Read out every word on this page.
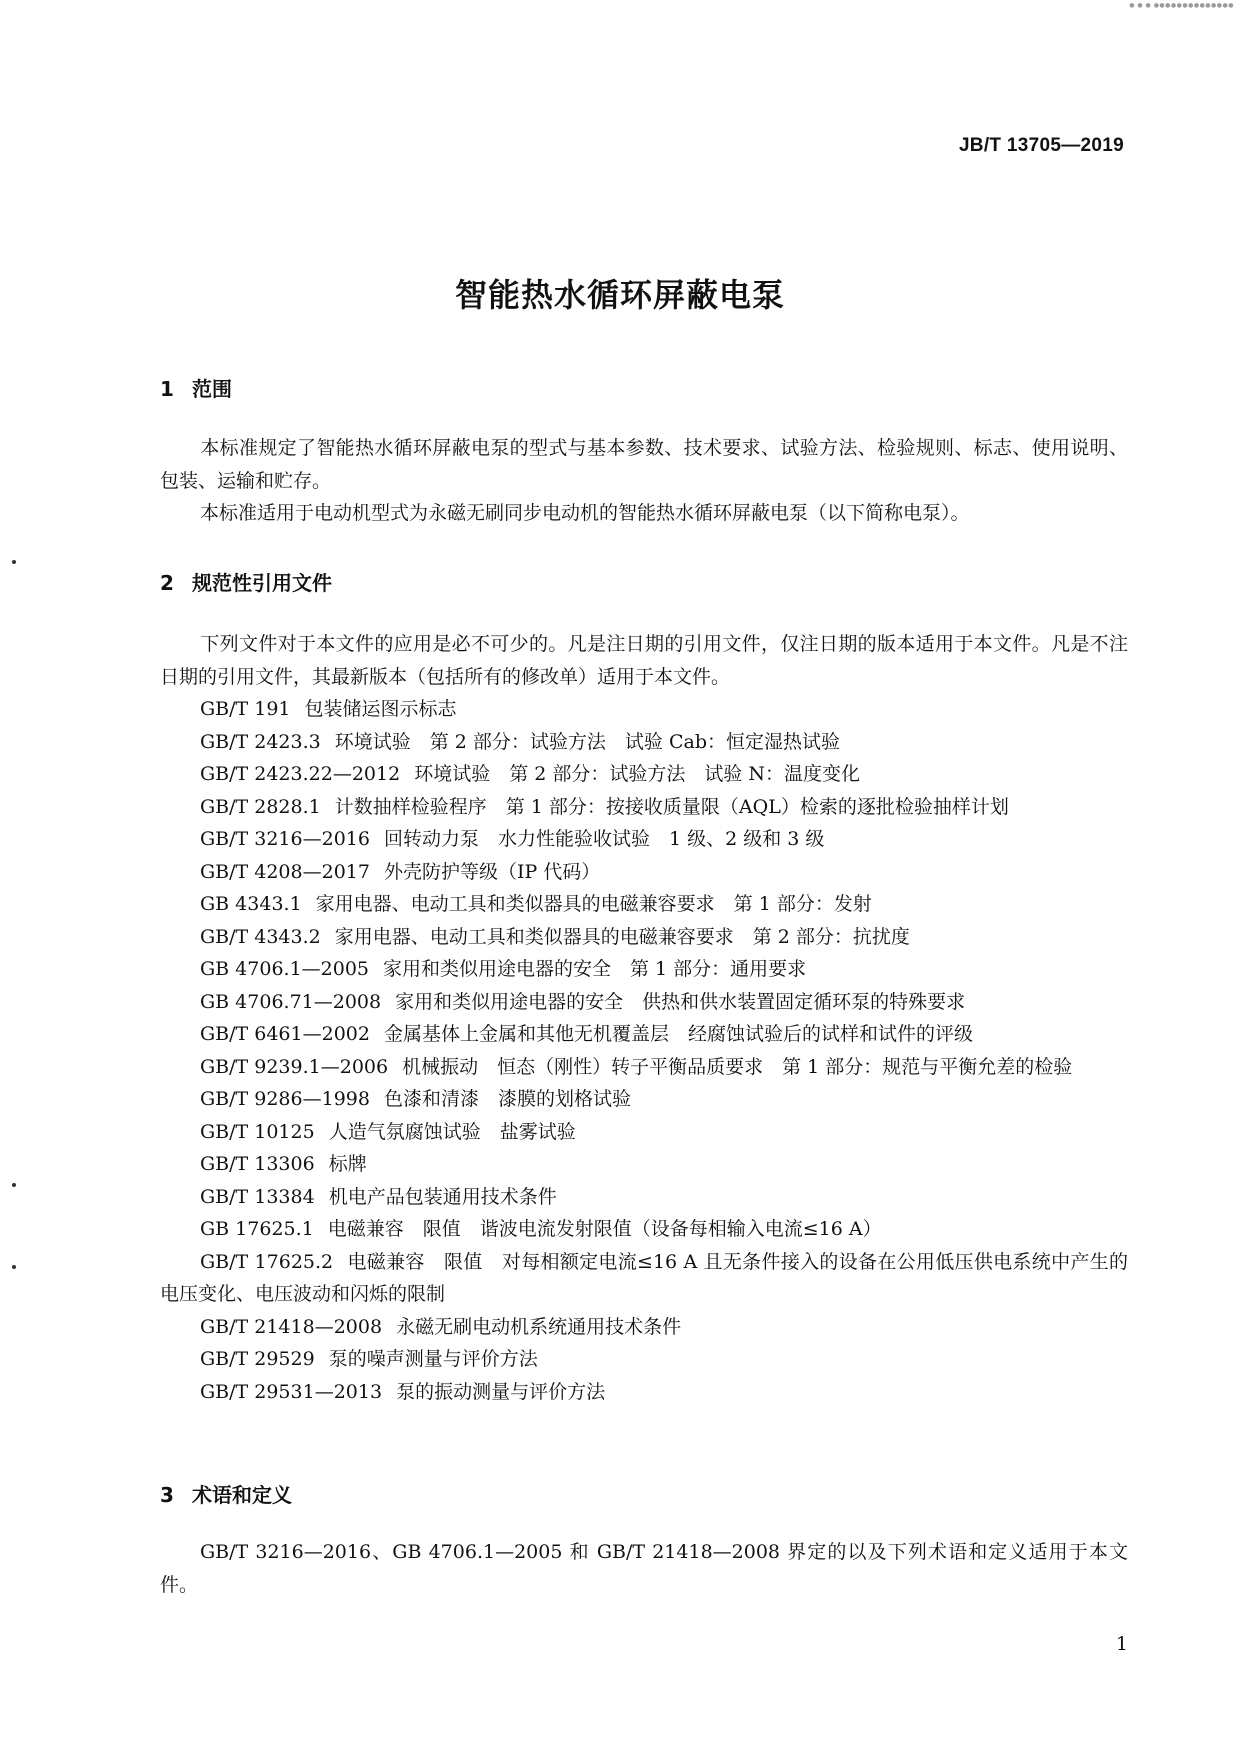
● ● ● ●●●●●●●●●●●●●●
JB/T 13705—2019
智能热水循环屏蔽电泵
1 范围
本标准规定了智能热水循环屏蔽电泵的型式与基本参数、技术要求、试验方法、检验规则、标志、使用说明、包装、运输和贮存。
本标准适用于电动机型式为永磁无刷同步电动机的智能热水循环屏蔽电泵（以下简称电泵）。
2 规范性引用文件
下列文件对于本文件的应用是必不可少的。凡是注日期的引用文件，仅注日期的版本适用于本文件。凡是不注日期的引用文件，其最新版本（包括所有的修改单）适用于本文件。
GB/T 191 包装储运图示标志
GB/T 2423.3 环境试验　第 2 部分：试验方法　试验 Cab：恒定湿热试验
GB/T 2423.22—2012 环境试验　第 2 部分：试验方法　试验 N：温度变化
GB/T 2828.1 计数抽样检验程序　第 1 部分：按接收质量限（AQL）检索的逐批检验抽样计划
GB/T 3216—2016 回转动力泵　水力性能验收试验　1 级、2 级和 3 级
GB/T 4208—2017 外壳防护等级（IP 代码）
GB 4343.1 家用电器、电动工具和类似器具的电磁兼容要求　第 1 部分：发射
GB/T 4343.2 家用电器、电动工具和类似器具的电磁兼容要求　第 2 部分：抗扰度
GB 4706.1—2005 家用和类似用途电器的安全　第 1 部分：通用要求
GB 4706.71—2008 家用和类似用途电器的安全　供热和供水装置固定循环泵的特殊要求
GB/T 6461—2002 金属基体上金属和其他无机覆盖层　经腐蚀试验后的试样和试件的评级
GB/T 9239.1—2006 机械振动　恒态（刚性）转子平衡品质要求　第 1 部分：规范与平衡允差的检验
GB/T 9286—1998 色漆和清漆　漆膜的划格试验
GB/T 10125 人造气氛腐蚀试验　盐雾试验
GB/T 13306 标牌
GB/T 13384 机电产品包装通用技术条件
GB 17625.1 电磁兼容　限值　谐波电流发射限值（设备每相输入电流≤16 A）
GB/T 17625.2 电磁兼容　限值　对每相额定电流≤16 A 且无条件接入的设备在公用低压供电系统中产生的电压变化、电压波动和闪烁的限制
GB/T 21418—2008 永磁无刷电动机系统通用技术条件
GB/T 29529 泵的噪声测量与评价方法
GB/T 29531—2013 泵的振动测量与评价方法
3 术语和定义
GB/T 3216—2016、GB 4706.1—2005 和 GB/T 21418—2008 界定的以及下列术语和定义适用于本文件。
1
